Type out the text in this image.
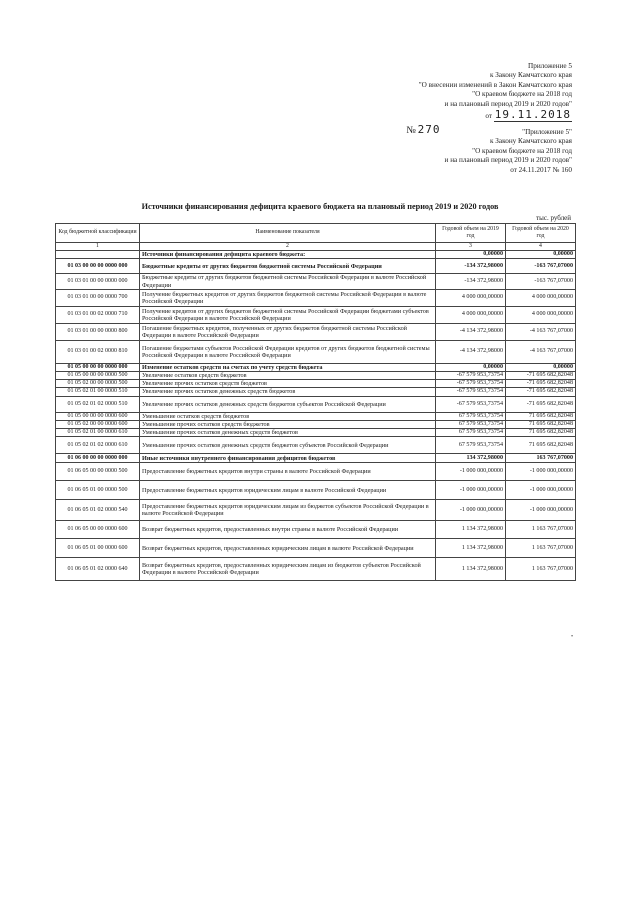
Приложение 5
к Закону Камчатского края
"О внесении изменений в Закон Камчатского края
"О краевом бюджете на 2018 год
и на плановый период 2019 и 2020 годов"
от 19.11.2018
№ 270	"Приложение 5"
к Закону Камчатского края
"О краевом бюджете на 2018 год
и на плановый период 2019 и 2020 годов"
от 24.11.2017 № 160
Источники финансирования дефицита краевого бюджета на плановый период 2019 и 2020 годов
тыс. рублей
Код бюджетной классификации	Наименование показателя	Годовой объем на 2019 год	Годовой объем на 2020 год
1	2	3	4
	Источники финансирования дефицита краевого бюджета:	0,00000	0,00000
01 03 00 00 00 0000 000	Бюджетные кредиты от других бюджетов бюджетной системы Российской Федерации	-134 372,98000	-163 767,07000
01 03 01 00 00 0000 000	Бюджетные кредиты от других бюджетов бюджетной системы Российской Федерации в валюте Российской Федерации	-134 372,98000	-163 767,07000
01 03 01 00 00 0000 700	Получение бюджетных кредитов от других бюджетов бюджетной системы Российской Федерации в валюте Российской Федерации	4 000 000,00000	4 000 000,00000
01 03 01 00 02 0000 710	Получение кредитов от других бюджетов бюджетной системы Российской Федерации бюджетами субъектов Российской Федерации в валюте Российской Федерации	4 000 000,00000	4 000 000,00000
01 03 01 00 00 0000 800	Погашение бюджетных кредитов, полученных от других бюджетов бюджетной системы Российской Федерации в валюте Российской Федерации	-4 134 372,98000	-4 163 767,07000
01 03 01 00 02 0000 810	Погашение бюджетами субъектов Российской Федерации кредитов от других бюджетов бюджетной системы Российской Федерации в валюте Российской Федерации	-4 134 372,98000	-4 163 767,07000
01 05 00 00 00 0000 000	Изменение остатков средств на счетах по учету средств бюджета	0,00000	0,00000
01 05 00 00 00 0000 500	Увеличение остатков средств бюджетов	-67 579 953,73754	-71 695 682,82048
01 05 02 00 00 0000 500	Увеличение прочих остатков средств бюджетов	-67 579 953,73754	-71 695 682,82048
01 05 02 01 00 0000 510	Увеличение прочих остатков денежных средств бюджетов	-67 579 953,73754	-71 695 682,82048
01 05 02 01 02 0000 510	Увеличение прочих остатков денежных средств бюджетов субъектов Российской Федерации	-67 579 953,73754	-71 695 682,82048
01 05 00 00 00 0000 600	Уменьшение остатков средств бюджетов	67 579 953,73754	71 695 682,82048
01 05 02 00 00 0000 600	Уменьшение прочих остатков средств бюджетов	67 579 953,73754	71 695 682,82048
01 05 02 01 00 0000 610	Уменьшение прочих остатков денежных средств бюджетов	67 579 953,73754	71 695 682,82048
01 05 02 01 02 0000 610	Уменьшение прочих остатков денежных средств бюджетов субъектов Российской Федерации	67 579 953,73754	71 695 682,82048
01 06 00 00 00 0000 000	Иные источники внутреннего финансирования дефицитов бюджетов	134 372,98000	163 767,07000
01 06 05 00 00 0000 500	Предоставление бюджетных кредитов внутри страны в валюте Российской Федерации	-1 000 000,00000	-1 000 000,00000
01 06 05 01 00 0000 500	Предоставление бюджетных кредитов юридическим лицам в валюте Российской Федерации	-1 000 000,00000	-1 000 000,00000
01 06 05 01 02 0000 540	Предоставление бюджетных кредитов юридическим лицам из бюджетов субъектов Российской Федерации в валюте Российской Федерации	-1 000 000,00000	-1 000 000,00000
01 06 05 00 00 0000 600	Возврат бюджетных кредитов, предоставленных внутри страны в валюте Российской Федерации	1 134 372,98000	1 163 767,07000
01 06 05 01 00 0000 600	Возврат бюджетных кредитов, предоставленных юридическим лицам в валюте Российской Федерации	1 134 372,98000	1 163 767,07000
01 06 05 01 02 0000 640	Возврат бюджетных кредитов, предоставленных юридическим лицам из бюджетов субъектов Российской Федерации в валюте Российской Федерации	1 134 372,98000	1 163 767,07000
•
